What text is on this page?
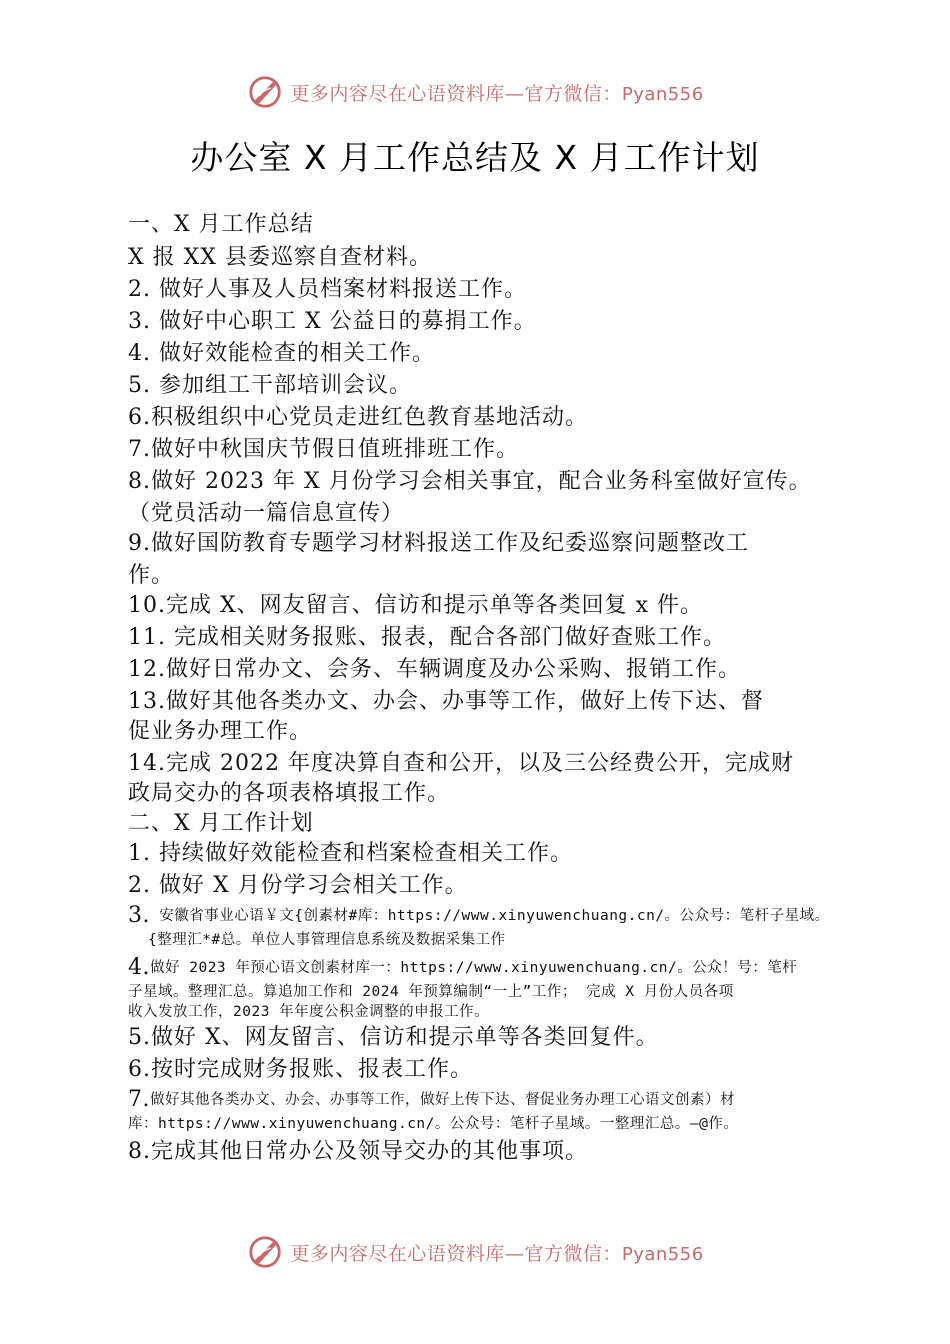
更多内容尽在心语资料库—官方微信：Pyan556
办公室 X 月工作总结及 X 月工作计划
一、X 月工作总结
X 报 XX 县委巡察自查材料。
2. 做好人事及人员档案材料报送工作。
3. 做好中心职工 X 公益日的募捐工作。
4. 做好效能检查的相关工作。
5. 参加组工干部培训会议。
6.积极组织中心党员走进红色教育基地活动。
7.做好中秋国庆节假日值班排班工作。
8.做好 2023 年 X 月份学习会相关事宜，配合业务科室做好宣传。
（党员活动一篇信息宣传）
9.做好国防教育专题学习材料报送工作及纪委巡察问题整改工
作。
10.完成 X、网友留言、信访和提示单等各类回复 x 件。
11. 完成相关财务报账、报表，配合各部门做好查账工作。
12.做好日常办文、会务、车辆调度及办公采购、报销工作。
13.做好其他各类办文、办会、办事等工作，做好上传下达、督
促业务办理工作。
14.完成 2022 年度决算自查和公开，以及三公经费公开，完成财
政局交办的各项表格填报工作。
二、X 月工作计划
1. 持续做好效能检查和档案检查相关工作。
2. 做好 X 月份学习会相关工作。
3. 安徽省事业心语￥文{创素材#库：https://www.xinyuwenchuang.cn/。公众号：笔杆子星域。
{整理汇*#总。单位人事管理信息系统及数据采集工作
4.做好 2023 年预心语文创素材库一：https://www.xinyuwenchuang.cn/。公众！号：笔杆
子星域。整理汇总。算追加工作和 2024 年预算编制“一上”工作； 完成 X 月份人员各项
收入发放工作，2023 年年度公积金调整的申报工作。
5.做好 X、网友留言、信访和提示单等各类回复件。
6.按时完成财务报账、报表工作。
7.做好其他各类办文、办会、办事等工作，做好上传下达、督促业务办理工心语文创素）材
库：https://www.xinyuwenchuang.cn/。公众号：笔杆子星域。一整理汇总。—@作。
8.完成其他日常办公及领导交办的其他事项。
更多内容尽在心语资料库—官方微信：Pyan556
